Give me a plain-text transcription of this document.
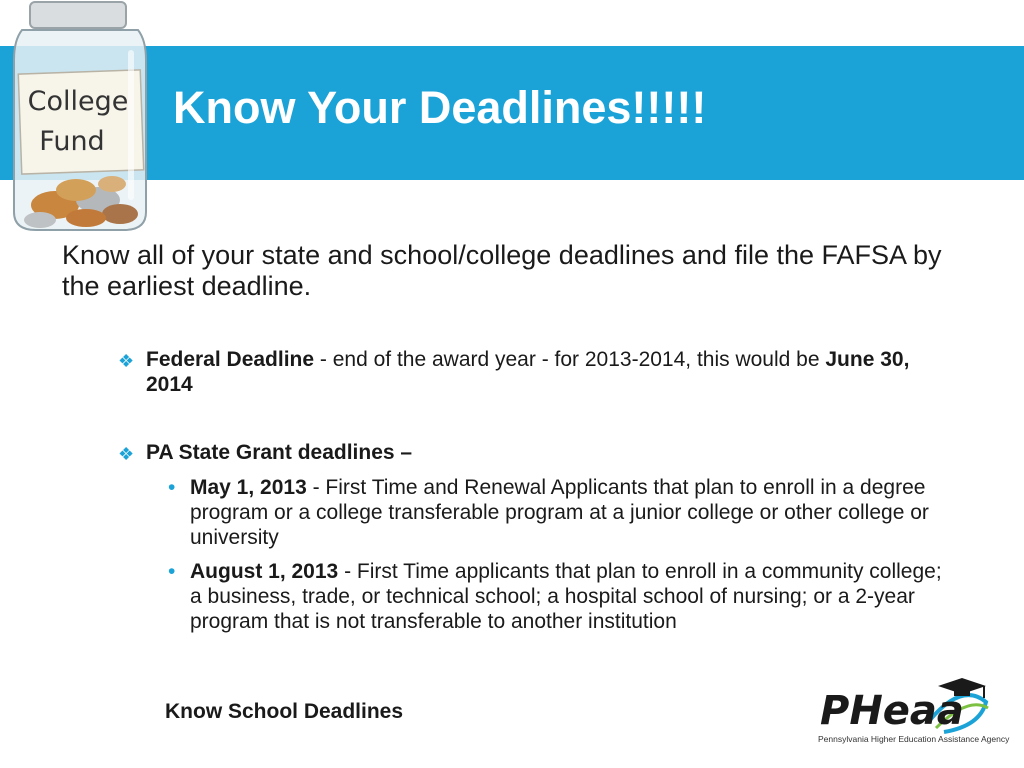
College
Fund
Know Your Deadlines!!!!!

Know all of your state and school/college deadlines and file the FAFSA by the earliest deadline.

❖ Federal Deadline - end of the award year - for 2013-2014, this would be June 30, 2014
❖ PA State Grant deadlines –
• May 1, 2013 - First Time and Renewal Applicants that plan to enroll in a degree program or a college transferable program at a junior college or other college or university
• August 1, 2013 - First Time applicants that plan to enroll in a community college; a business, trade, or technical school; a hospital school of nursing; or a 2-year program that is not transferable to another institution

Know School Deadlines	PHeaa
Pennsylvania Higher Education Assistance Agency
